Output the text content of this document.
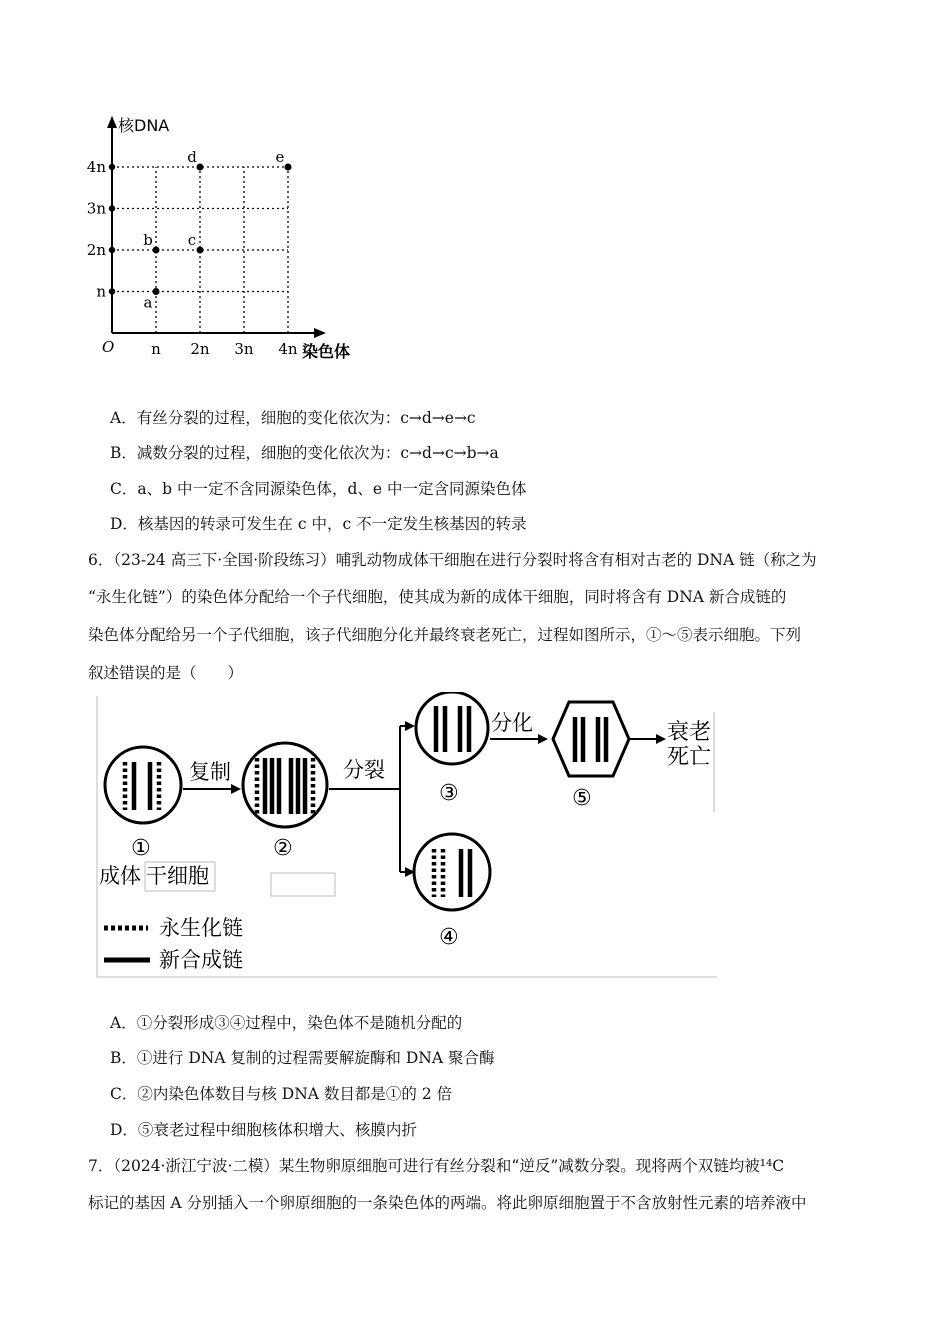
核DNA
染色体
O n 2n 3n 4n
n
2n
3n
4n
a
b c
d	e
A．有丝分裂的过程，细胞的变化依次为：c→d→e→c
B．减数分裂的过程，细胞的变化依次为：c→d→c→b→a
C．a、b 中一定不含同源染色体，d、e 中一定含同源染色体
D．核基因的转录可发生在 c 中，c 不一定发生核基因的转录
6．（23-24 高三下·全国·阶段练习）哺乳动物成体干细胞在进行分裂时将含有相对古老的 DNA 链（称之为
“永生化链”）的染色体分配给一个子代细胞，使其成为新的成体干细胞，同时将含有 DNA 新合成链的
染色体分配给另一个子代细胞，该子代细胞分化并最终衰老死亡，过程如图所示，①～⑤表示细胞。下列
叙述错误的是（　　）
①
复制
②
分裂
③
分化
⑤
衰老
死亡
④
成体 干细胞
永生化链
新合成链
A．①分裂形成③④过程中，染色体不是随机分配的
B．①进行 DNA 复制的过程需要解旋酶和 DNA 聚合酶
C．②内染色体数目与核 DNA 数目都是①的 2 倍
D．⑤衰老过程中细胞核体积增大、核膜内折
7．（2024·浙江宁波·二模）某生物卵原细胞可进行有丝分裂和“逆反”减数分裂。现将两个双链均被¹⁴C
标记的基因 A 分别插入一个卵原细胞的一条染色体的两端。将此卵原细胞置于不含放射性元素的培养液中
